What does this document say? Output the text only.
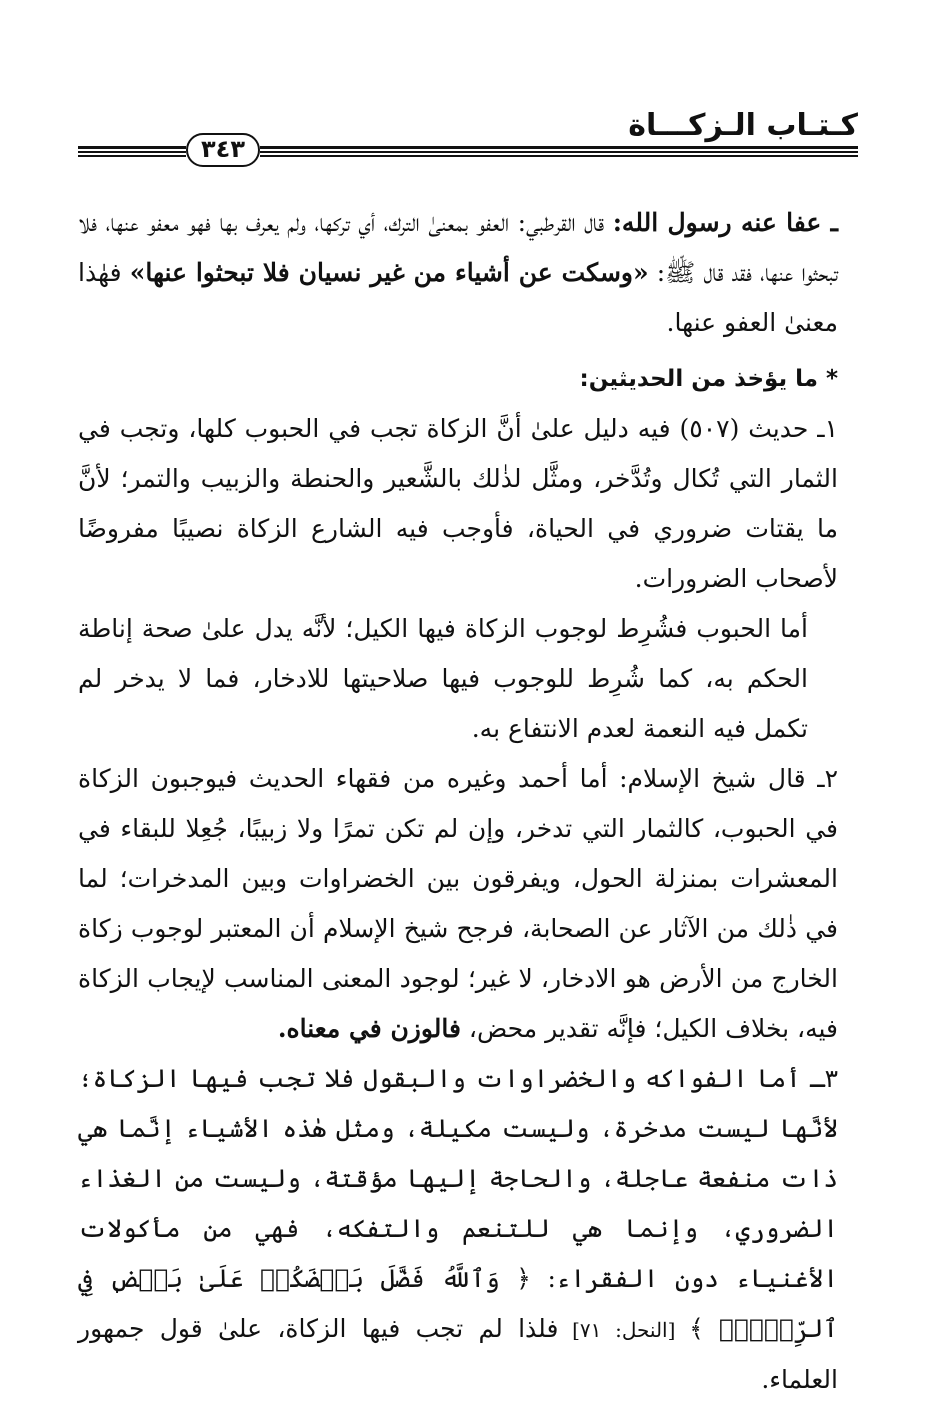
كـتـاب الـزكـــاة
٣٤٣

ـ عفا عنه رسول الله: قال القرطبي: العفو بمعنىٰ الترك، أي تركها، ولم يعرف بها فهو معفو عنها، فلا تبحثوا عنها، فقد قال ﷺ: «وسكت عن أشياء من غير نسيان فلا تبحثوا عنها» فهٰذا معنىٰ العفو عنها.

* ما يؤخذ من الحديثين:

١ـ حديث (٥٠٧) فيه دليل علىٰ أنَّ الزكاة تجب في الحبوب كلها، وتجب في الثمار التي تُكال وتُدَّخر، ومثَّل لذٰلك بالشَّعير والحنطة والزبيب والتمر؛ لأنَّ ما يقتات ضروري في الحياة، فأوجب فيه الشارع الزكاة نصيبًا مفروضًا لأصحاب الضرورات.

أما الحبوب فشُرِط لوجوب الزكاة فيها الكيل؛ لأنَّه يدل علىٰ صحة إناطة الحكم به، كما شُرِط للوجوب فيها صلاحيتها للادخار، فما لا يدخر لم تكمل فيه النعمة لعدم الانتفاع به.

٢ـ قال شيخ الإسلام: أما أحمد وغيره من فقهاء الحديث فيوجبون الزكاة في الحبوب، كالثمار التي تدخر، وإن لم تكن تمرًا ولا زبيبًا، جُعِلا للبقاء في المعشرات بمنزلة الحول، ويفرقون بين الخضراوات وبين المدخرات؛ لما في ذٰلك من الآثار عن الصحابة، فرجح شيخ الإسلام أن المعتبر لوجوب زكاة الخارج من الأرض هو الادخار، لا غير؛ لوجود المعنى المناسب لإيجاب الزكاة فيه، بخلاف الكيل؛ فإنَّه تقدير محض، فالوزن في معناه.

٣ـ أما الفواكه والخضراوات والبقول فلا تجب فيها الزكاة؛ لأنَّها ليست مدخرة، وليست مكيلة، ومثل هٰذه الأشياء إنَّما هي ذات منفعة عاجلة، والحاجة إليها مؤقتة، وليست من الغذاء الضروري، وإنما هي للتنعم والتفكه، فهي من مأكولات الأغنياء دون الفقراء: ﴿ وَٱللَّهُ فَضَّلَ بَعۡضَكُمۡ عَلَىٰ بَعۡضٖ فِي ٱلرِّزۡقِۚ ﴾ [النحل: ٧١] فلذا لم تجب فيها الزكاة، علىٰ قول جمهور العلماء.
